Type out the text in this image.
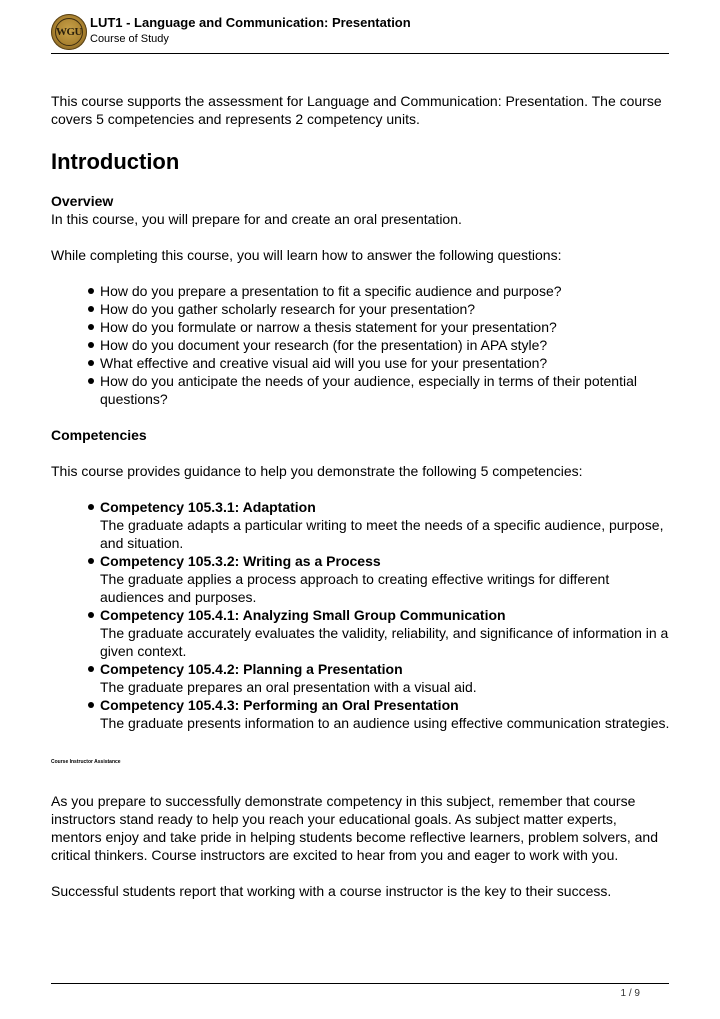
WGU
LUT1 - Language and Communication: Presentation
Course of Study

This course supports the assessment for Language and Communication: Presentation. The course covers 5 competencies and represents 2 competency units.

Introduction

Overview

In this course, you will prepare for and create an oral presentation.

While completing this course, you will learn how to answer the following questions:

How do you prepare a presentation to fit a specific audience and purpose?
How do you gather scholarly research for your presentation?
How do you formulate or narrow a thesis statement for your presentation?
How do you document your research (for the presentation) in APA style?
What effective and creative visual aid will you use for your presentation?
How do you anticipate the needs of your audience, especially in terms of their potential questions?

Competencies

This course provides guidance to help you demonstrate the following 5 competencies:

Competency 105.3.1: Adaptation
The graduate adapts a particular writing to meet the needs of a specific audience, purpose, and situation.
Competency 105.3.2: Writing as a Process
The graduate applies a process approach to creating effective writings for different audiences and purposes.
Competency 105.4.1: Analyzing Small Group Communication
The graduate accurately evaluates the validity, reliability, and significance of information in a given context.
Competency 105.4.2: Planning a Presentation
The graduate prepares an oral presentation with a visual aid.
Competency 105.4.3: Performing an Oral Presentation
The graduate presents information to an audience using effective communication strategies.

Course Instructor Assistance

As you prepare to successfully demonstrate competency in this subject, remember that course instructors stand ready to help you reach your educational goals. As subject matter experts, mentors enjoy and take pride in helping students become reflective learners, problem solvers, and critical thinkers. Course instructors are excited to hear from you and eager to work with you.

Successful students report that working with a course instructor is the key to their success.

1 / 9
